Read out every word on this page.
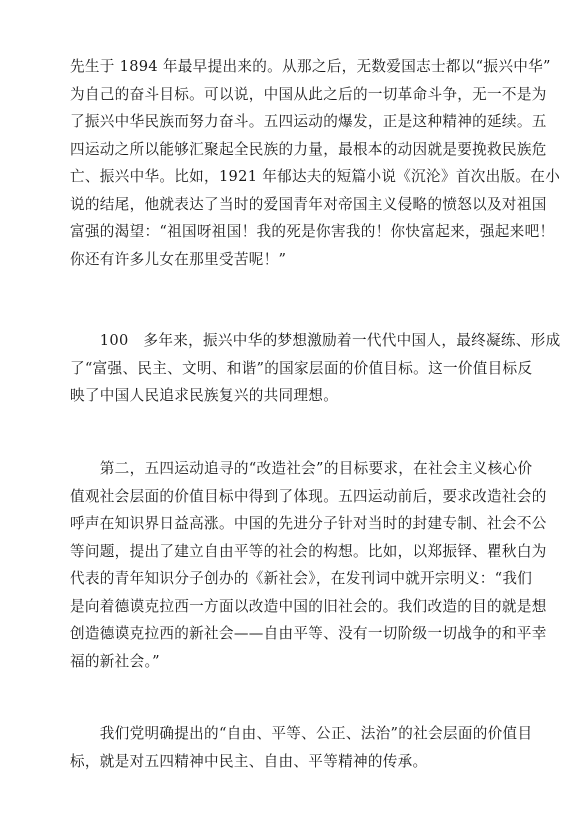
先生于 1894 年最早提出来的。从那之后，无数爱国志士都以“振兴中华”
为自己的奋斗目标。可以说，中国从此之后的一切革命斗争，无一不是为
了振兴中华民族而努力奋斗。五四运动的爆发，正是这种精神的延续。五
四运动之所以能够汇聚起全民族的力量，最根本的动因就是要挽救民族危
亡、振兴中华。比如，1921 年郁达夫的短篇小说《沉沦》首次出版。在小
说的结尾，他就表达了当时的爱国青年对帝国主义侵略的愤怒以及对祖国
富强的渴望：“祖国呀祖国！我的死是你害我的！你快富起来，强起来吧！
你还有许多儿女在那里受苦呢！”

　　100　多年来，振兴中华的梦想激励着一代代中国人，最终凝练、形成
了“富强、民主、文明、和谐”的国家层面的价值目标。这一价值目标反
映了中国人民追求民族复兴的共同理想。

　　第二，五四运动追寻的“改造社会”的目标要求，在社会主义核心价
值观社会层面的价值目标中得到了体现。五四运动前后，要求改造社会的
呼声在知识界日益高涨。中国的先进分子针对当时的封建专制、社会不公
等问题，提出了建立自由平等的社会的构想。比如，以郑振铎、瞿秋白为
代表的青年知识分子创办的《新社会》，在发刊词中就开宗明义：“我们
是向着德谟克拉西一方面以改造中国的旧社会的。我们改造的目的就是想
创造德谟克拉西的新社会——自由平等、没有一切阶级一切战争的和平幸
福的新社会。”

　　我们党明确提出的“自由、平等、公正、法治”的社会层面的价值目
标，就是对五四精神中民主、自由、平等精神的传承。
